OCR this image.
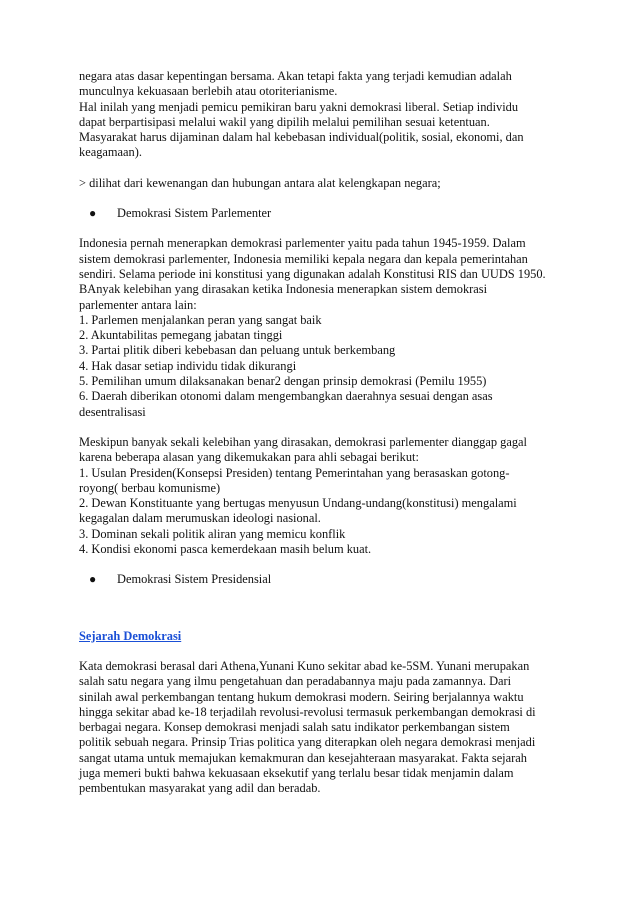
negara atas dasar kepentingan bersama. Akan tetapi fakta yang terjadi kemudian adalah
munculnya kekuasaan berlebih atau otoriterianisme.
Hal inilah yang menjadi pemicu pemikiran baru yakni demokrasi liberal. Setiap individu
dapat berpartisipasi melalui wakil yang dipilih melalui pemilihan sesuai ketentuan.
Masyarakat harus dijaminan dalam hal kebebasan individual(politik, sosial, ekonomi, dan
keagamaan).
> dilihat dari kewenangan dan hubungan antara alat kelengkapan negara;
●	Demokrasi Sistem Parlementer
Indonesia pernah menerapkan demokrasi parlementer yaitu pada tahun 1945-1959. Dalam
sistem demokrasi parlementer, Indonesia memiliki kepala negara dan kepala pemerintahan
sendiri. Selama periode ini konstitusi yang digunakan adalah Konstitusi RIS dan UUDS 1950.
BAnyak kelebihan yang dirasakan ketika Indonesia menerapkan sistem demokrasi
parlementer antara lain:
1. Parlemen menjalankan peran yang sangat baik
2. Akuntabilitas pemegang jabatan tinggi
3. Partai plitik diberi kebebasan dan peluang untuk berkembang
4. Hak dasar setiap individu tidak dikurangi
5. Pemilihan umum dilaksanakan benar2 dengan prinsip demokrasi (Pemilu 1955)
6. Daerah diberikan otonomi dalam mengembangkan daerahnya sesuai dengan asas
desentralisasi
Meskipun banyak sekali kelebihan yang dirasakan, demokrasi parlementer dianggap gagal
karena beberapa alasan yang dikemukakan para ahli sebagai berikut:
1. Usulan Presiden(Konsepsi Presiden) tentang Pemerintahan yang berasaskan gotong-
royong( berbau komunisme)
2. Dewan Konstituante yang bertugas menyusun Undang-undang(konstitusi) mengalami
kegagalan dalam merumuskan ideologi nasional.
3. Dominan sekali politik aliran yang memicu konflik
4. Kondisi ekonomi pasca kemerdekaan masih belum kuat.
●	Demokrasi Sistem Presidensial
Sejarah Demokrasi
Kata demokrasi berasal dari Athena,Yunani Kuno sekitar abad ke-5SM. Yunani merupakan
salah satu negara yang ilmu pengetahuan dan peradabannya maju pada zamannya. Dari
sinilah awal perkembangan tentang hukum demokrasi modern. Seiring berjalannya waktu
hingga sekitar abad ke-18 terjadilah revolusi-revolusi termasuk perkembangan demokrasi di
berbagai negara. Konsep demokrasi menjadi salah satu indikator perkembangan sistem
politik sebuah negara. Prinsip Trias politica yang diterapkan oleh negara demokrasi menjadi
sangat utama untuk memajukan kemakmuran dan kesejahteraan masyarakat. Fakta sejarah
juga memeri bukti bahwa kekuasaan eksekutif yang terlalu besar tidak menjamin dalam
pembentukan masyarakat yang adil dan beradab.
